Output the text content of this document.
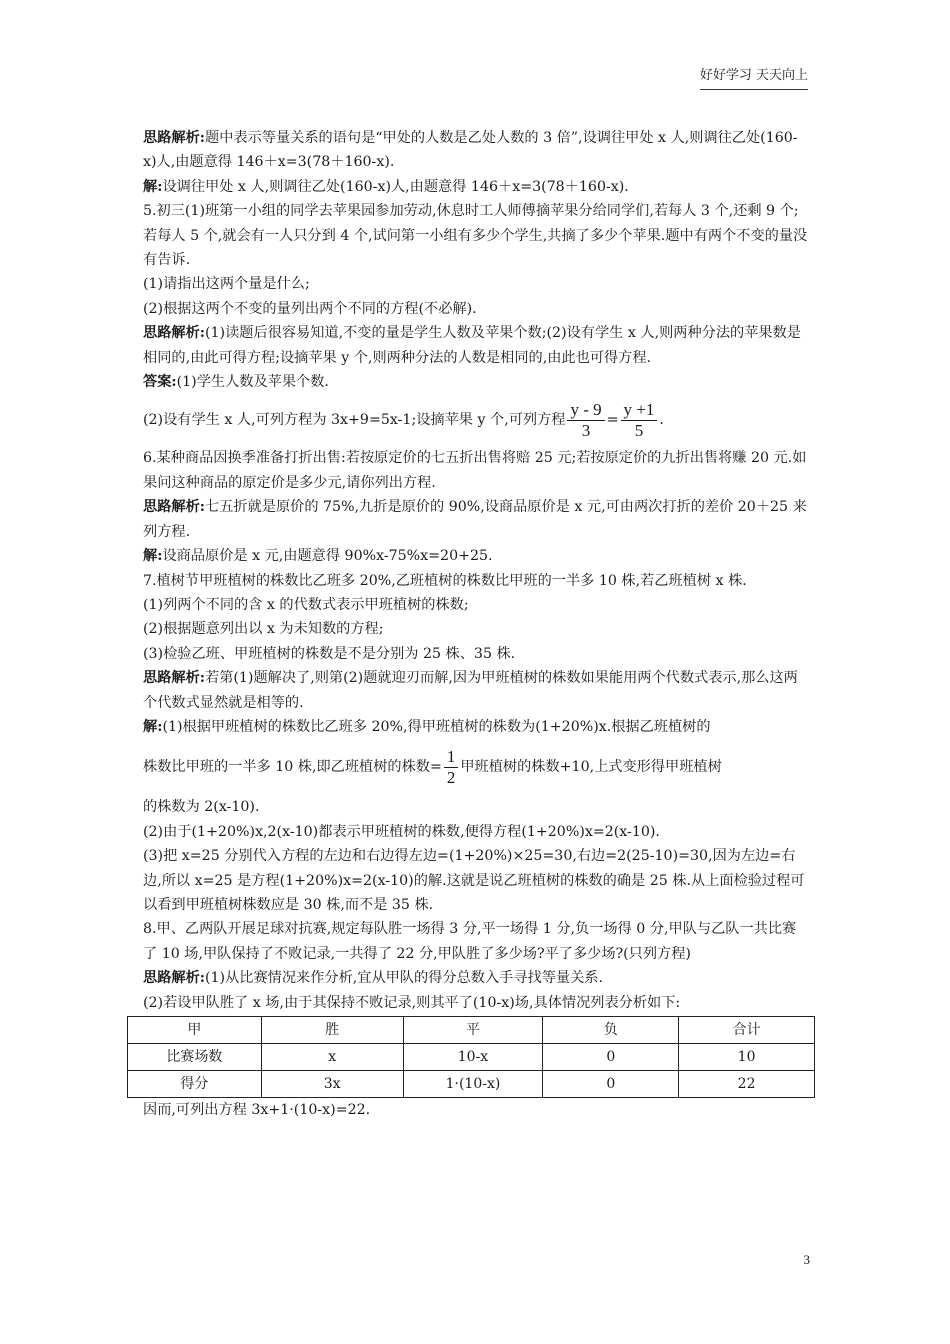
好好学习 天天向上

思路解析:题中表示等量关系的语句是“甲处的人数是乙处人数的 3 倍”,设调往甲处 x 人,则调往乙处(160-x)人,由题意得 146＋x=3(78＋160-x).

解:设调往甲处 x 人,则调往乙处(160-x)人,由题意得 146＋x=3(78＋160-x).

5.初三(1)班第一小组的同学去苹果园参加劳动,休息时工人师傅摘苹果分给同学们,若每人 3 个,还剩 9 个;若每人 5 个,就会有一人只分到 4 个,试问第一小组有多少个学生,共摘了多少个苹果.题中有两个不变的量没有告诉.

(1)请指出这两个量是什么;

(2)根据这两个不变的量列出两个不同的方程(不必解).

思路解析:(1)读题后很容易知道,不变的量是学生人数及苹果个数;(2)设有学生 x 人,则两种分法的苹果数是相同的,由此可得方程;设摘苹果 y 个,则两种分法的人数是相同的,由此也可得方程.

答案:(1)学生人数及苹果个数.

(2)设有学生 x 人,可列方程为 3x+9=5x-1;设摘苹果 y 个,可列方程 $\frac{y - 9}{3} = \frac{y +1}{5}$ .

6.某种商品因换季准备打折出售:若按原定价的七五折出售将赔 25 元;若按原定价的九折出售将赚 20 元.如果问这种商品的原定价是多少元,请你列出方程.

思路解析:七五折就是原价的 75%,九折是原价的 90%,设商品原价是 x 元,可由两次打折的差价 20＋25 来列方程.

解:设商品原价是 x 元,由题意得 90%x-75%x=20+25.

7.植树节甲班植树的株数比乙班多 20%,乙班植树的株数比甲班的一半多 10 株,若乙班植树 x 株.

(1)列两个不同的含 x 的代数式表示甲班植树的株数;

(2)根据题意列出以 x 为未知数的方程;

(3)检验乙班、甲班植树的株数是不是分别为 25 株、35 株.

思路解析:若第(1)题解决了,则第(2)题就迎刃而解,因为甲班植树的株数如果能用两个代数式表示,那么这两个代数式显然就是相等的.

解:(1)根据甲班植树的株数比乙班多 20%,得甲班植树的株数为(1+20%)x.根据乙班植树的

株数比甲班的一半多 10 株,即乙班植树的株数= $\frac{1}{2}$ 甲班植树的株数+10,上式变形得甲班植树

的株数为 2(x-10).

(2)由于(1+20%)x,2(x-10)都表示甲班植树的株数,便得方程(1+20%)x=2(x-10).

(3)把 x=25 分别代入方程的左边和右边得左边=(1+20%)×25=30,右边=2(25-10)=30,因为左边=右边,所以 x=25 是方程(1+20%)x=2(x-10)的解.这就是说乙班植树的株数的确是 25 株.从上面检验过程可以看到甲班植树株数应是 30 株,而不是 35 株.

8.甲、乙两队开展足球对抗赛,规定每队胜一场得 3 分,平一场得 1 分,负一场得 0 分,甲队与乙队一共比赛了 10 场,甲队保持了不败记录,一共得了 22 分,甲队胜了多少场?平了多少场?(只列方程)

思路解析:(1)从比赛情况来作分析,宜从甲队的得分总数入手寻找等量关系.

(2)若设甲队胜了 x 场,由于其保持不败记录,则其平了(10-x)场,具体情况列表分析如下:

甲	胜	平	负	合计
比赛场数	x	10-x	0	10
得分	3x	1·(10-x)	0	22

因而,可列出方程 3x+1·(10-x)=22.

3
